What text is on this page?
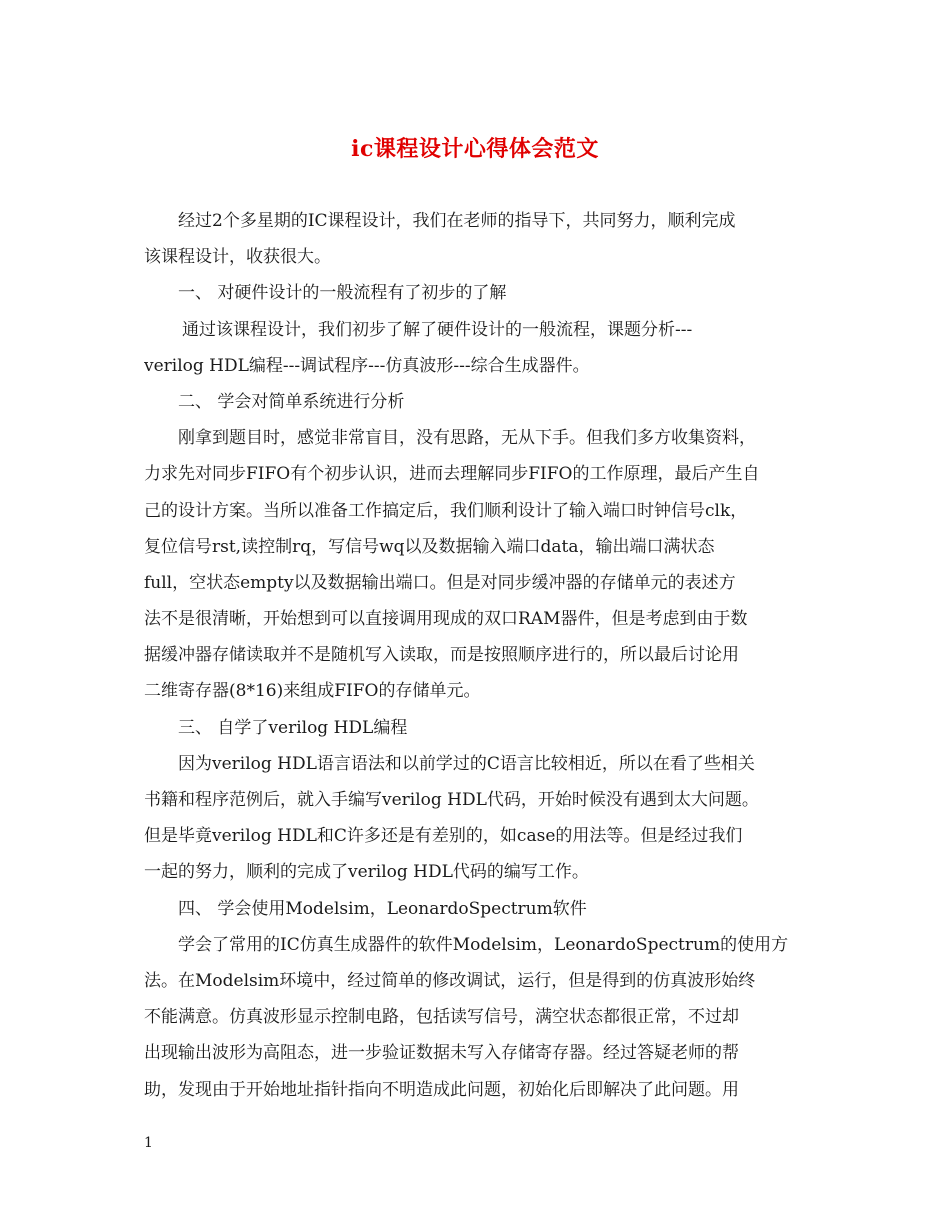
ic课程设计心得体会范文
经过2个多星期的IC课程设计，我们在老师的指导下，共同努力，顺利完成
该课程设计，收获很大。
一、 对硬件设计的一般流程有了初步的了解
通过该课程设计，我们初步了解了硬件设计的一般流程，课题分析---
verilog HDL编程---调试程序---仿真波形---综合生成器件。
二、 学会对简单系统进行分析
刚拿到题目时，感觉非常盲目，没有思路，无从下手。但我们多方收集资料，
力求先对同步FIFO有个初步认识，进而去理解同步FIFO的工作原理，最后产生自
己的设计方案。当所以准备工作搞定后，我们顺利设计了输入端口时钟信号clk，
复位信号rst,读控制rq，写信号wq以及数据输入端口data，输出端口满状态
full，空状态empty以及数据输出端口。但是对同步缓冲器的存储单元的表述方
法不是很清晰，开始想到可以直接调用现成的双口RAM器件，但是考虑到由于数
据缓冲器存储读取并不是随机写入读取，而是按照顺序进行的，所以最后讨论用
二维寄存器(8*16)来组成FIFO的存储单元。
三、 自学了verilog HDL编程
因为verilog HDL语言语法和以前学过的C语言比较相近，所以在看了些相关
书籍和程序范例后，就入手编写verilog HDL代码，开始时候没有遇到太大问题。
但是毕竟verilog HDL和C许多还是有差别的，如case的用法等。但是经过我们
一起的努力，顺利的完成了verilog HDL代码的编写工作。
四、 学会使用Modelsim，LeonardoSpectrum软件
学会了常用的IC仿真生成器件的软件Modelsim，LeonardoSpectrum的使用方
法。在Modelsim环境中，经过简单的修改调试，运行，但是得到的仿真波形始终
不能满意。仿真波形显示控制电路，包括读写信号，满空状态都很正常，不过却
出现输出波形为高阻态，进一步验证数据未写入存储寄存器。经过答疑老师的帮
助，发现由于开始地址指针指向不明造成此问题，初始化后即解决了此问题。用
1
